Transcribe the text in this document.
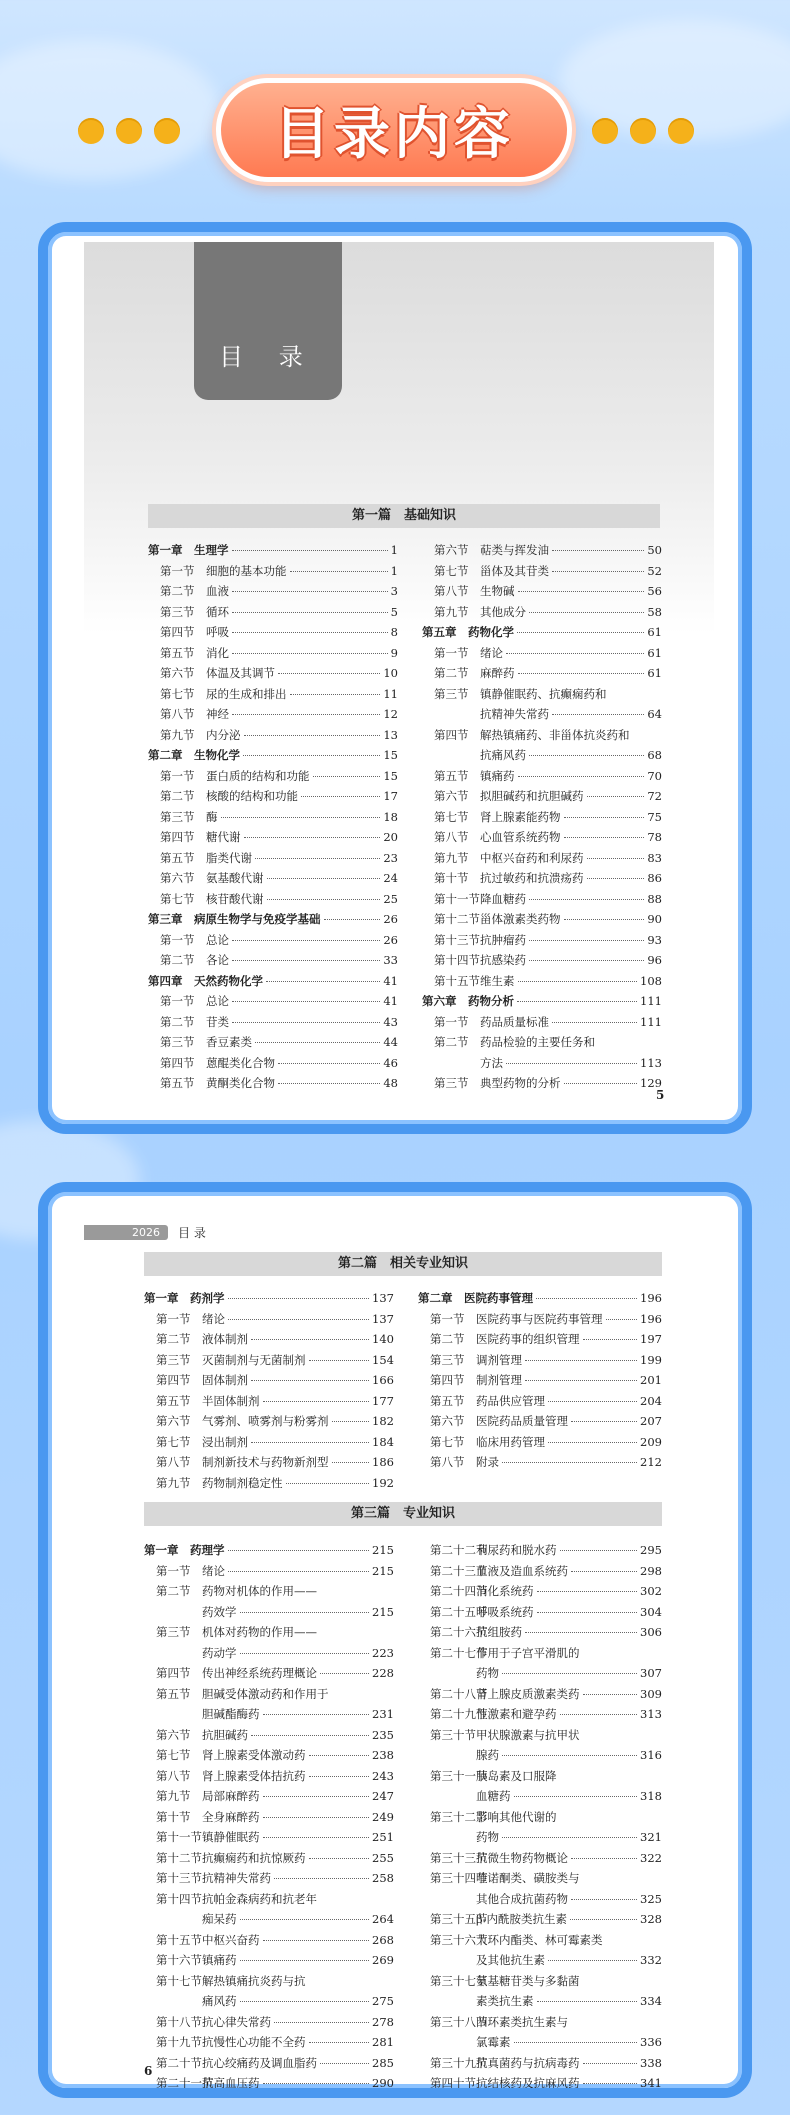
目录内容
目 录
第一篇　基础知识
第一章	生理学	1
第一节	细胞的基本功能	1
第二节	血液	3
第三节	循环	5
第四节	呼吸	8
第五节	消化	9
第六节	体温及其调节	10
第七节	尿的生成和排出	11
第八节	神经	12
第九节	内分泌	13
第二章	生物化学	15
第一节	蛋白质的结构和功能	15
第二节	核酸的结构和功能	17
第三节	酶	18
第四节	糖代谢	20
第五节	脂类代谢	23
第六节	氨基酸代谢	24
第七节	核苷酸代谢	25
第三章	病原生物学与免疫学基础	26
第一节	总论	26
第二节	各论	33
第四章	天然药物化学	41
第一节	总论	41
第二节	苷类	43
第三节	香豆素类	44
第四节	蒽醌类化合物	46
第五节	黄酮类化合物	48
第六节	萜类与挥发油	50
第七节	甾体及其苷类	52
第八节	生物碱	56
第九节	其他成分	58
第五章	药物化学	61
第一节	绪论	61
第二节	麻醉药	61
第三节	镇静催眠药、抗癫痫药和
抗精神失常药	64
第四节	解热镇痛药、非甾体抗炎药和
抗痛风药	68
第五节	镇痛药	70
第六节	拟胆碱药和抗胆碱药	72
第七节	肾上腺素能药物	75
第八节	心血管系统药物	78
第九节	中枢兴奋药和利尿药	83
第十节	抗过敏药和抗溃疡药	86
第十一节 降血糖药	88
第十二节 甾体激素类药物	90
第十三节 抗肿瘤药	93
第十四节 抗感染药	96
第十五节 维生素	108
第六章	药物分析	111
第一节	药品质量标准	111
第二节	药品检验的主要任务和
方法	113
第三节	典型药物的分析	129
5
2026	目 录
第二篇　相关专业知识
第一章	药剂学	137
第一节	绪论	137
第二节	液体制剂	140
第三节	灭菌制剂与无菌制剂	154
第四节	固体制剂	166
第五节	半固体制剂	177
第六节	气雾剂、喷雾剂与粉雾剂	182
第七节	浸出制剂	184
第八节	制剂新技术与药物新剂型	186
第九节	药物制剂稳定性	192
第二章	医院药事管理	196
第一节	医院药事与医院药事管理	196
第二节	医院药事的组织管理	197
第三节	调剂管理	199
第四节	制剂管理	201
第五节	药品供应管理	204
第六节	医院药品质量管理	207
第七节	临床用药管理	209
第八节	附录	212
第三篇　专业知识
第一章	药理学	215
第一节	绪论	215
第二节	药物对机体的作用——
药效学	215
第三节	机体对药物的作用——
药动学	223
第四节	传出神经系统药理概论	228
第五节	胆碱受体激动药和作用于
胆碱酯酶药	231
第六节	抗胆碱药	235
第七节	肾上腺素受体激动药	238
第八节	肾上腺素受体拮抗药	243
第九节	局部麻醉药	247
第十节	全身麻醉药	249
第十一节 镇静催眠药	251
第十二节 抗癫痫药和抗惊厥药	255
第十三节 抗精神失常药	258
第十四节 抗帕金森病药和抗老年
痴呆药	264
第十五节 中枢兴奋药	268
第十六节 镇痛药	269
第十七节 解热镇痛抗炎药与抗
痛风药	275
第十八节 抗心律失常药	278
第十九节 抗慢性心功能不全药	281
第二十节 抗心绞痛药及调血脂药	285
第二十一节
抗高血压药	290
第二十二节
利尿药和脱水药	295
第二十三节
血液及造血系统药	298
第二十四节
消化系统药	302
第二十五节
呼吸系统药	304
第二十六节
抗组胺药	306
第二十七节
作用于子宫平滑肌的
药物	307
第二十八节
肾上腺皮质激素类药	309
第二十九节
性激素和避孕药	313
第三十节 甲状腺激素与抗甲状
腺药	316
第三十一节
胰岛素及口服降
血糖药	318
第三十二节
影响其他代谢的
药物	321
第三十三节
抗微生物药物概论	322
第三十四节
喹诺酮类、磺胺类与
其他合成抗菌药物	325
第三十五节
β-内酰胺类抗生素	328
第三十六节
大环内酯类、林可霉素类
及其他抗生素	332
第三十七节
氨基糖苷类与多黏菌
素类抗生素	334
第三十八节
四环素类抗生素与
氯霉素	336
第三十九节
抗真菌药与抗病毒药	338
第四十节 抗结核药及抗麻风药	341
6
